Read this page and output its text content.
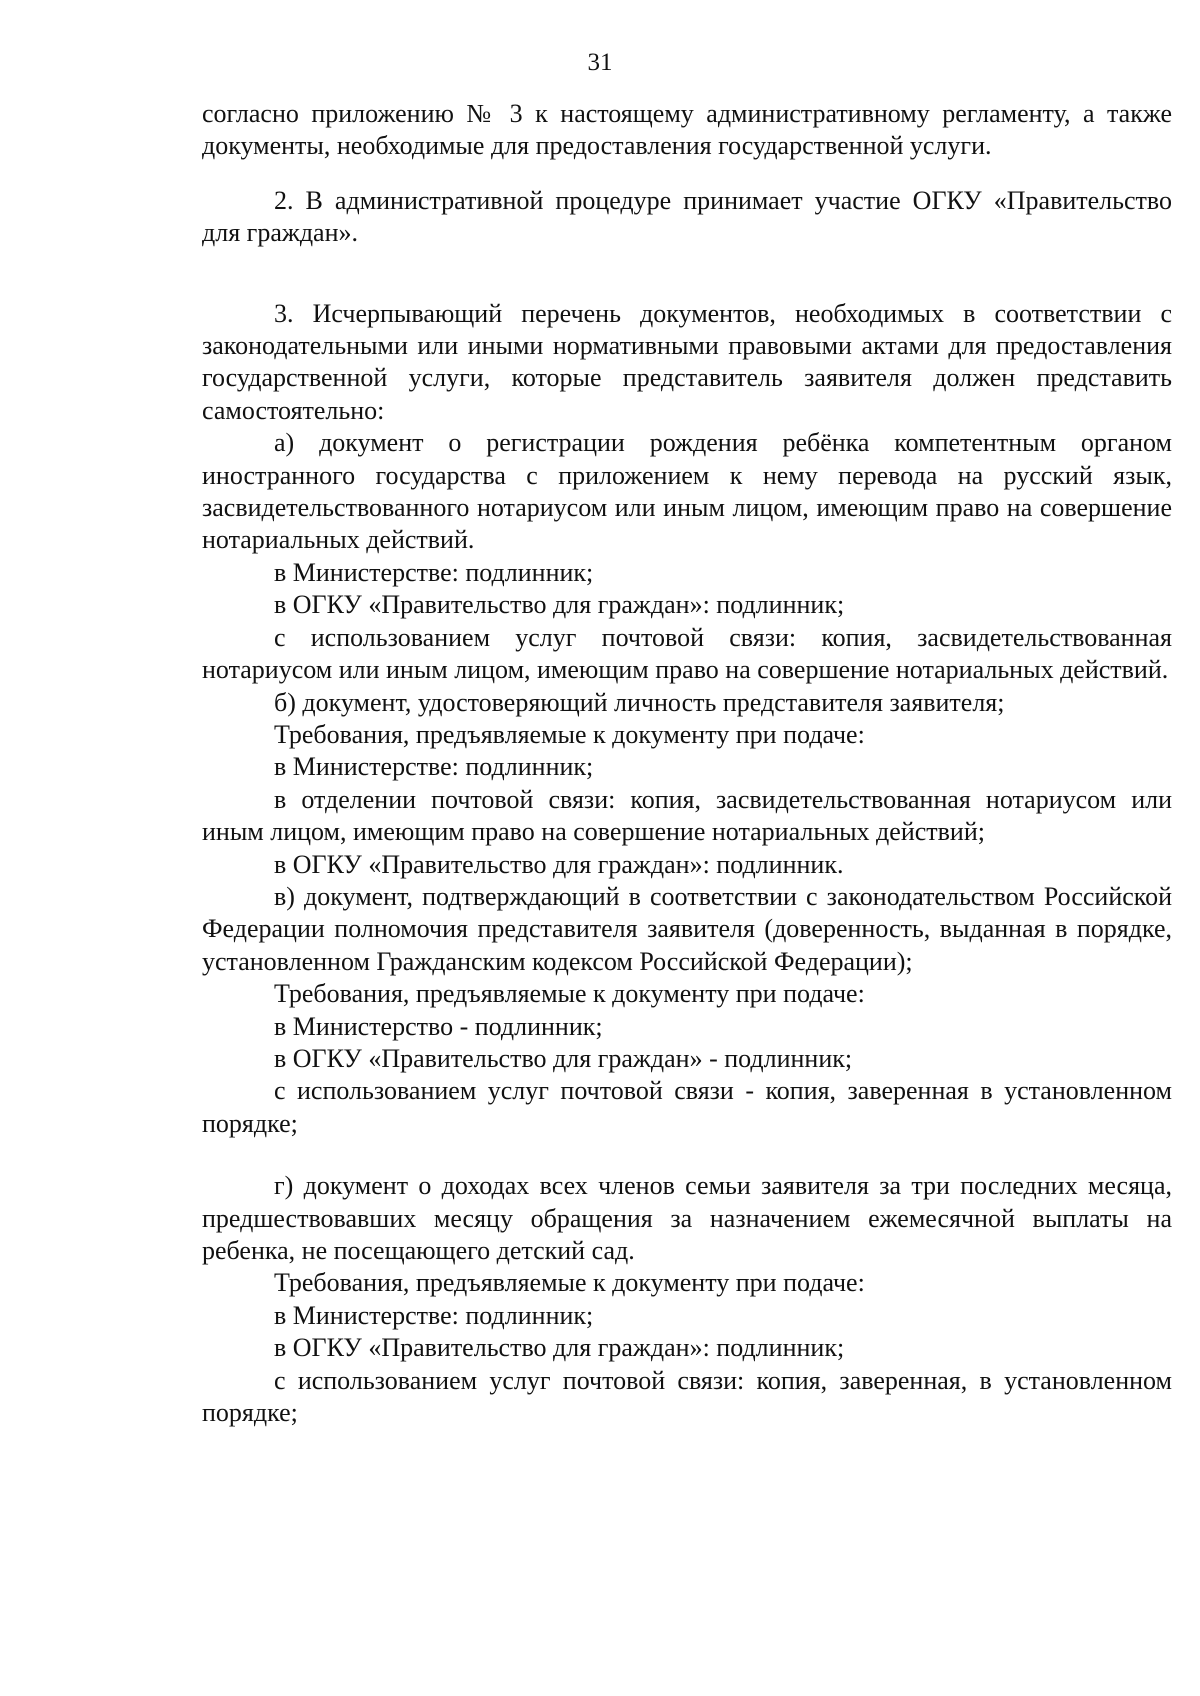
31

согласно приложению № 3 к настоящему административному регламенту, а также документы, необходимые для предоставления государственной услуги.

2. В административной процедуре принимает участие ОГКУ «Правительство для граждан».

3. Исчерпывающий перечень документов, необходимых в соответствии с законодательными или иными нормативными правовыми актами для предоставления государственной услуги, которые представитель заявителя должен представить самостоятельно:

а) документ о регистрации рождения ребёнка компетентным органом иностранного государства с приложением к нему перевода на русский язык, засвидетельствованного нотариусом или иным лицом, имеющим право на совершение нотариальных действий.

в Министерстве: подлинник;

в ОГКУ «Правительство для граждан»: подлинник;

с использованием услуг почтовой связи: копия, засвидетельствованная нотариусом или иным лицом, имеющим право на совершение нотариальных действий.

б) документ, удостоверяющий личность представителя заявителя;

Требования, предъявляемые к документу при подаче:

в Министерстве: подлинник;

в отделении почтовой связи: копия, засвидетельствованная нотариусом или иным лицом, имеющим право на совершение нотариальных действий;

в ОГКУ «Правительство для граждан»: подлинник.

в) документ, подтверждающий в соответствии с законодательством Российской Федерации полномочия представителя заявителя (доверенность, выданная в порядке, установленном Гражданским кодексом Российской Федерации);

Требования, предъявляемые к документу при подаче:

в Министерство - подлинник;

в ОГКУ «Правительство для граждан» - подлинник;

с использованием услуг почтовой связи - копия, заверенная в установленном порядке;

г) документ о доходах всех членов семьи заявителя за три последних месяца, предшествовавших месяцу обращения за назначением ежемесячной выплаты на ребенка, не посещающего детский сад.

Требования, предъявляемые к документу при подаче:

в Министерстве: подлинник;

в ОГКУ «Правительство для граждан»: подлинник;

с использованием услуг почтовой связи: копия, заверенная, в установленном порядке;
